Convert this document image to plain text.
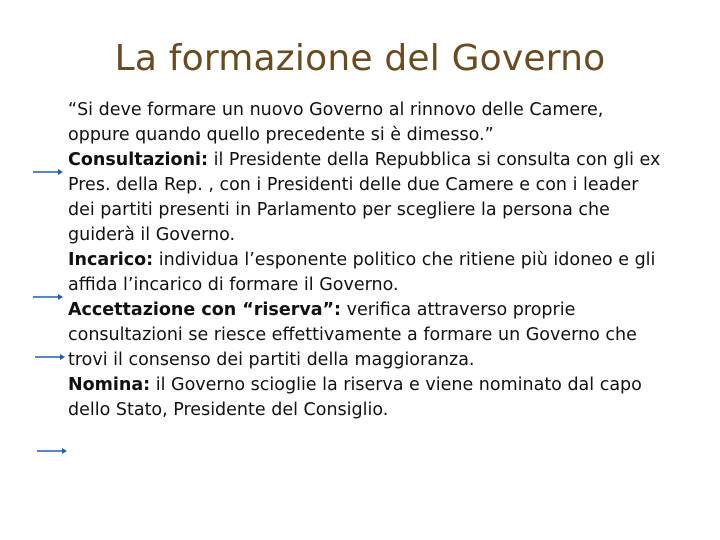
La formazione del Governo

“Si deve formare un nuovo Governo al rinnovo delle Camere, oppure quando quello precedente si è dimesso.”

Consultazioni: il Presidente della Repubblica si consulta con gli ex Pres. della Rep. , con i Presidenti delle due Camere e con i leader dei partiti presenti in Parlamento per scegliere la persona che guiderà il Governo.

Incarico: individua l’esponente politico che ritiene più idoneo e gli affida l’incarico di formare il Governo.

Accettazione con “riserva”: verifica attraverso proprie consultazioni se riesce effettivamente a formare un Governo che trovi il consenso dei partiti della maggioranza.

Nomina: il Governo scioglie la riserva e viene nominato dal capo dello Stato, Presidente del Consiglio.
